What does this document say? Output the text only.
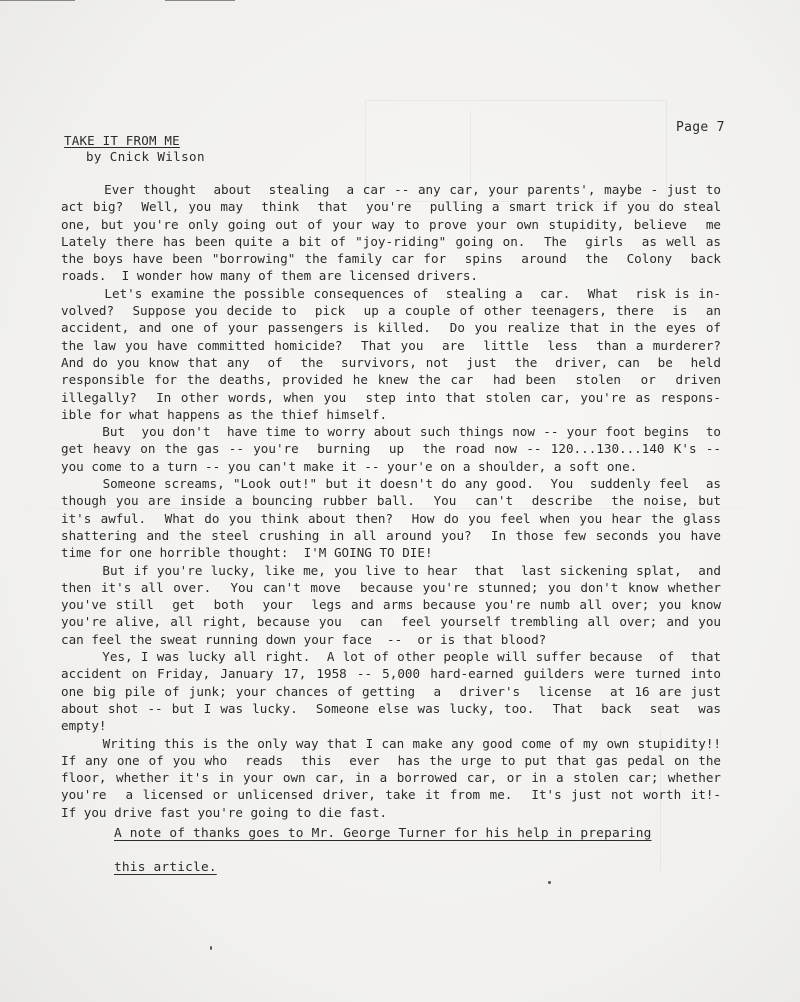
Page 7
TAKE IT FROM ME
by Cnick Wilson
Ever thought  about  stealing  a car -- any car, your parents', maybe - just to
act big?  Well, you may  think  that  you're  pulling a smart trick if you do steal
one, but you're only going out of your way to prove your own stupidity, believe  me
Lately there has been quite a bit of "joy-riding" going on.  The  girls  as well as
the boys have been "borrowing" the family car for  spins  around  the  Colony  back
roads.  I wonder how many of them are licensed drivers.
Let's examine the possible consequences of  stealing a  car.  What  risk is in-
volved?  Suppose you decide to  pick  up a couple of other teenagers, there  is  an
accident, and one of your passengers is killed.  Do you realize that in the eyes of
the law you have committed homicide?  That you  are  little  less  than a murderer?
And do you know that any  of  the  survivors, not  just  the  driver, can  be  held
responsible for the deaths, provided he knew the car  had been  stolen  or  driven
illegally?  In other words, when you  step into that stolen car, you're as respons-
ible for what happens as the thief himself.
But  you don't  have time to worry about such things now -- your foot begins  to
get heavy on the gas -- you're  burning  up  the road now -- 120...130...140 K's --
you come to a turn -- you can't make it -- your'e on a shoulder, a soft one.
Someone screams, "Look out!" but it doesn't do any good.  You  suddenly feel  as
though you are inside a bouncing rubber ball.  You  can't  describe  the noise, but
it's awful.  What do you think about then?  How do you feel when you hear the glass
shattering and the steel crushing in all around you?  In those few seconds you have
time for one horrible thought:  I'M GOING TO DIE!
But if you're lucky, like me, you live to hear  that  last sickening splat,  and
then it's all over.  You can't move  because you're stunned; you don't know whether
you've still  get  both  your  legs and arms because you're numb all over; you know
you're alive, all right, because you  can  feel yourself trembling all over; and you
can feel the sweat running down your face  --  or is that blood?
Yes, I was lucky all right.  A lot of other people will suffer because  of  that
accident on Friday, January 17, 1958 -- 5,000 hard-earned guilders were turned into
one big pile of junk; your chances of getting  a  driver's  license  at 16 are just
about shot -- but I was lucky.  Someone else was lucky, too.  That  back  seat  was
empty!
Writing this is the only way that I can make any good come of my own stupidity!!
If any one of you who  reads  this  ever  has the urge to put that gas pedal on the
floor, whether it's in your own car, in a borrowed car, or in a stolen car; whether
you're  a licensed or unlicensed driver, take it from me.  It's just not worth it!-
If you drive fast you're going to die fast.
A note of thanks goes to Mr. George Turner for his help in preparing
this article.
